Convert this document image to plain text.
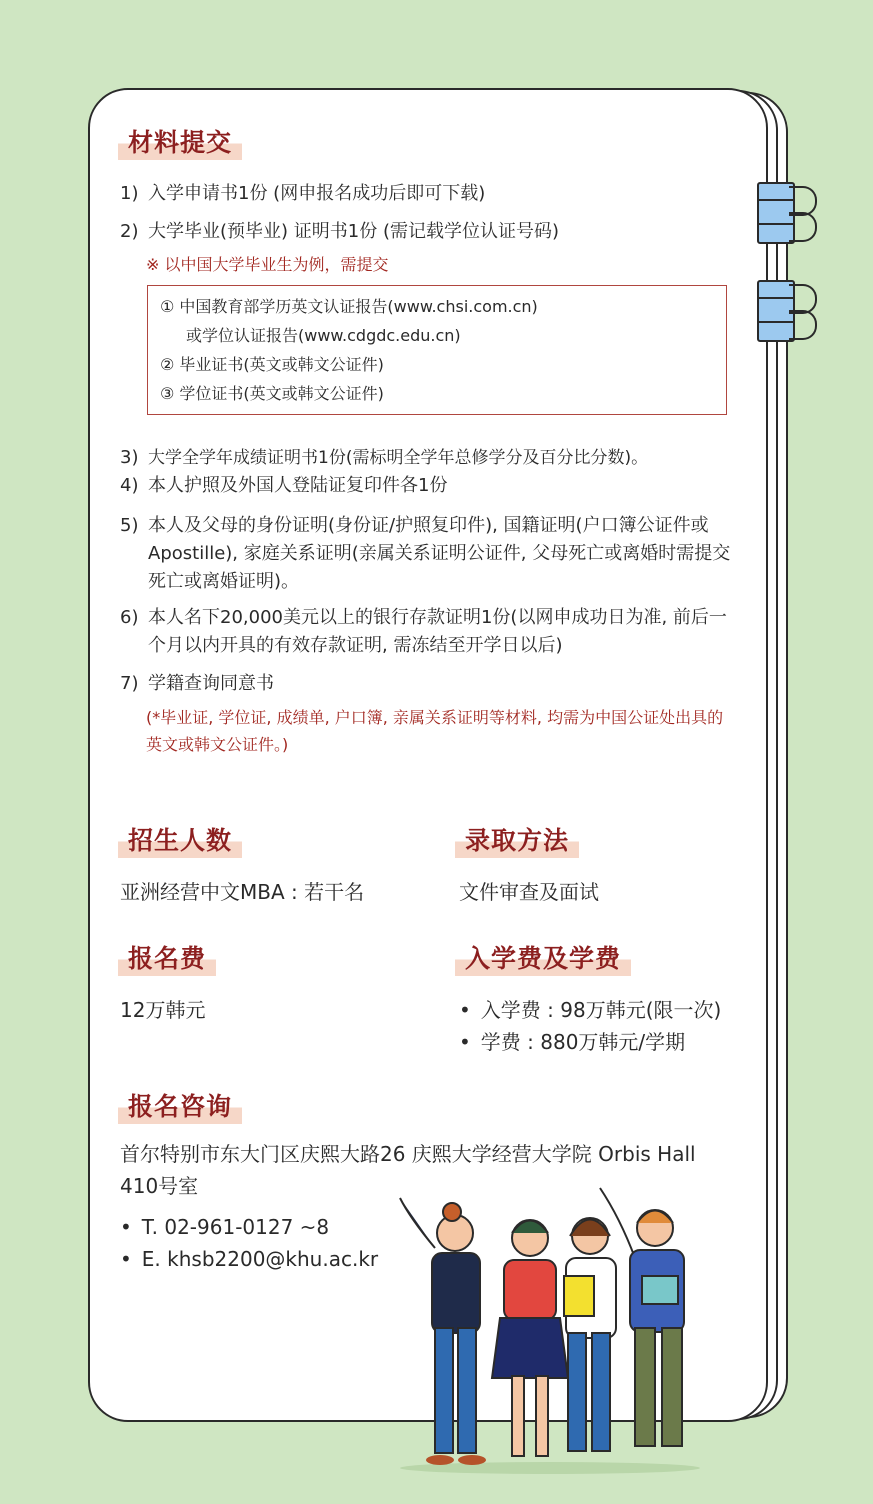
材料提交
1) 入学申请书1份 (网申报名成功后即可下载)
2) 大学毕业(预毕业) 证明书1份 (需记载学位认证号码)
※ 以中国大学毕业生为例，需提交
① 中国教育部学历英文认证报告(www.chsi.com.cn)
或学位认证报告(www.cdgdc.edu.cn)
② 毕业证书(英文或韩文公证件)
③ 学位证书(英文或韩文公证件)
3) 大学全学年成绩证明书1份(需标明全学年总修学分及百分比分数)。
4) 本人护照及外国人登陆证复印件各1份
5) 本人及父母的身份证明(身份证/护照复印件), 国籍证明(户口簿公证件或Apostille), 家庭关系证明(亲属关系证明公证件, 父母死亡或离婚时需提交死亡或离婚证明)。
6) 本人名下20,000美元以上的银行存款证明1份(以网申成功日为准, 前后一个月以内开具的有效存款证明, 需冻结至开学日以后)
7) 学籍查询同意书
(*毕业证, 学位证, 成绩单, 户口簿, 亲属关系证明等材料, 均需为中国公证处出具的英文或韩文公证件。)
招生人数
亚洲经营中文MBA : 若干名
录取方法
文件审查及面试
报名费
12万韩元
入学费及学费
• 入学费 : 98万韩元(限一次)
• 学费 : 880万韩元/学期
报名咨询
首尔特别市东大门区庆熙大路26 庆熙大学经营大学院 Orbis Hall 410号室
• T. 02-961-0127 ~8
• E. khsb2200@khu.ac.kr
